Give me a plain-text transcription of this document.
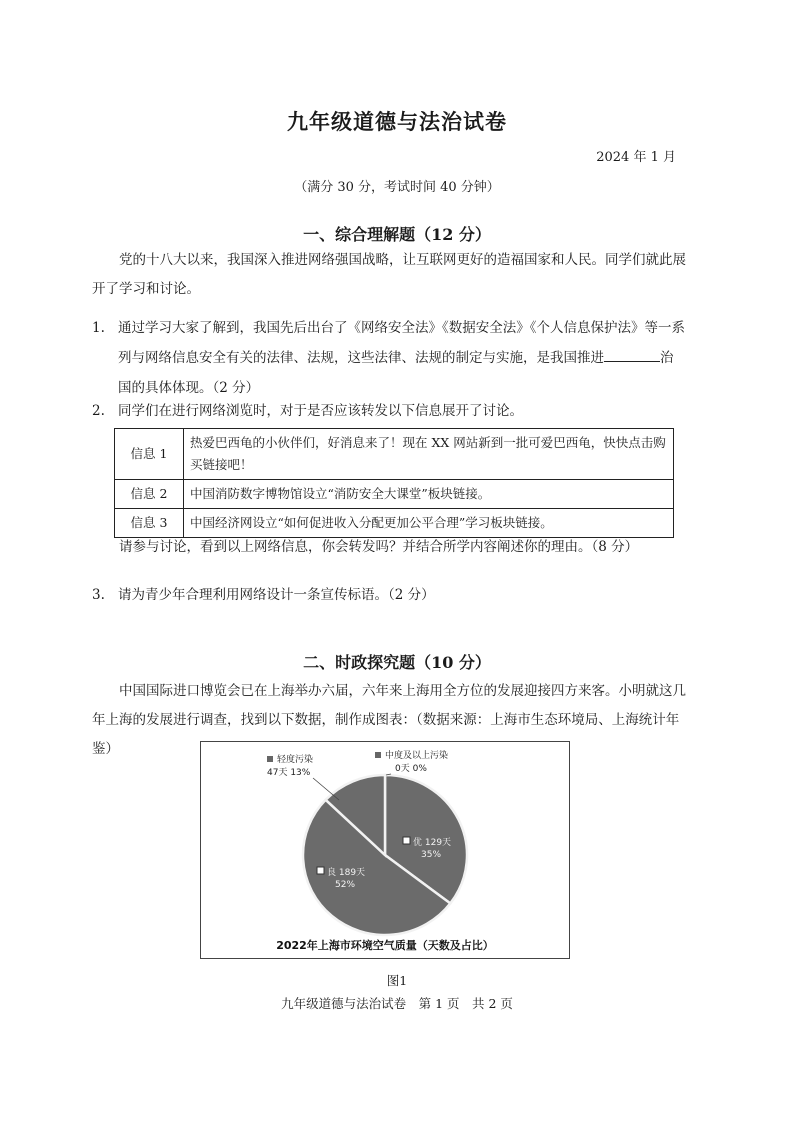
九年级道德与法治试卷
2024 年 1 月
（满分 30 分，考试时间 40 分钟）
一、综合理解题（12 分）
党的十八大以来，我国深入推进网络强国战略，让互联网更好的造福国家和人民。同学们就此展开了学习和讨论。
1. 通过学习大家了解到，我国先后出台了《网络安全法》《数据安全法》《个人信息保护法》等一系列与网络信息安全有关的法律、法规，这些法律、法规的制定与实施，是我国推进	治国的具体体现。（2 分）
2. 同学们在进行网络浏览时，对于是否应该转发以下信息展开了讨论。
信息 1	热爱巴西龟的小伙伴们，好消息来了！现在 XX 网站新到一批可爱巴西龟，快快点击购买链接吧！
信息 2	中国消防数字博物馆设立“消防安全大课堂”板块链接。
信息 3	中国经济网设立“如何促进收入分配更加公平合理”学习板块链接。
请参与讨论，看到以上网络信息，你会转发吗？并结合所学内容阐述你的理由。（8 分）
3. 请为青少年合理利用网络设计一条宣传标语。（2 分）
二、时政探究题（10 分）
中国国际进口博览会已在上海举办六届，六年来上海用全方位的发展迎接四方来客。小明就这几年上海的发展进行调查，找到以下数据，制作成图表：（数据来源：上海市生态环境局、上海统计年鉴）
优 129天
35%
良 189天
52%
轻度污染
47天 13%
中度及以上污染
0天 0%
2022年上海市环境空气质量（天数及占比）
图1
九年级道德与法治试卷　第 1 页　共 2 页
